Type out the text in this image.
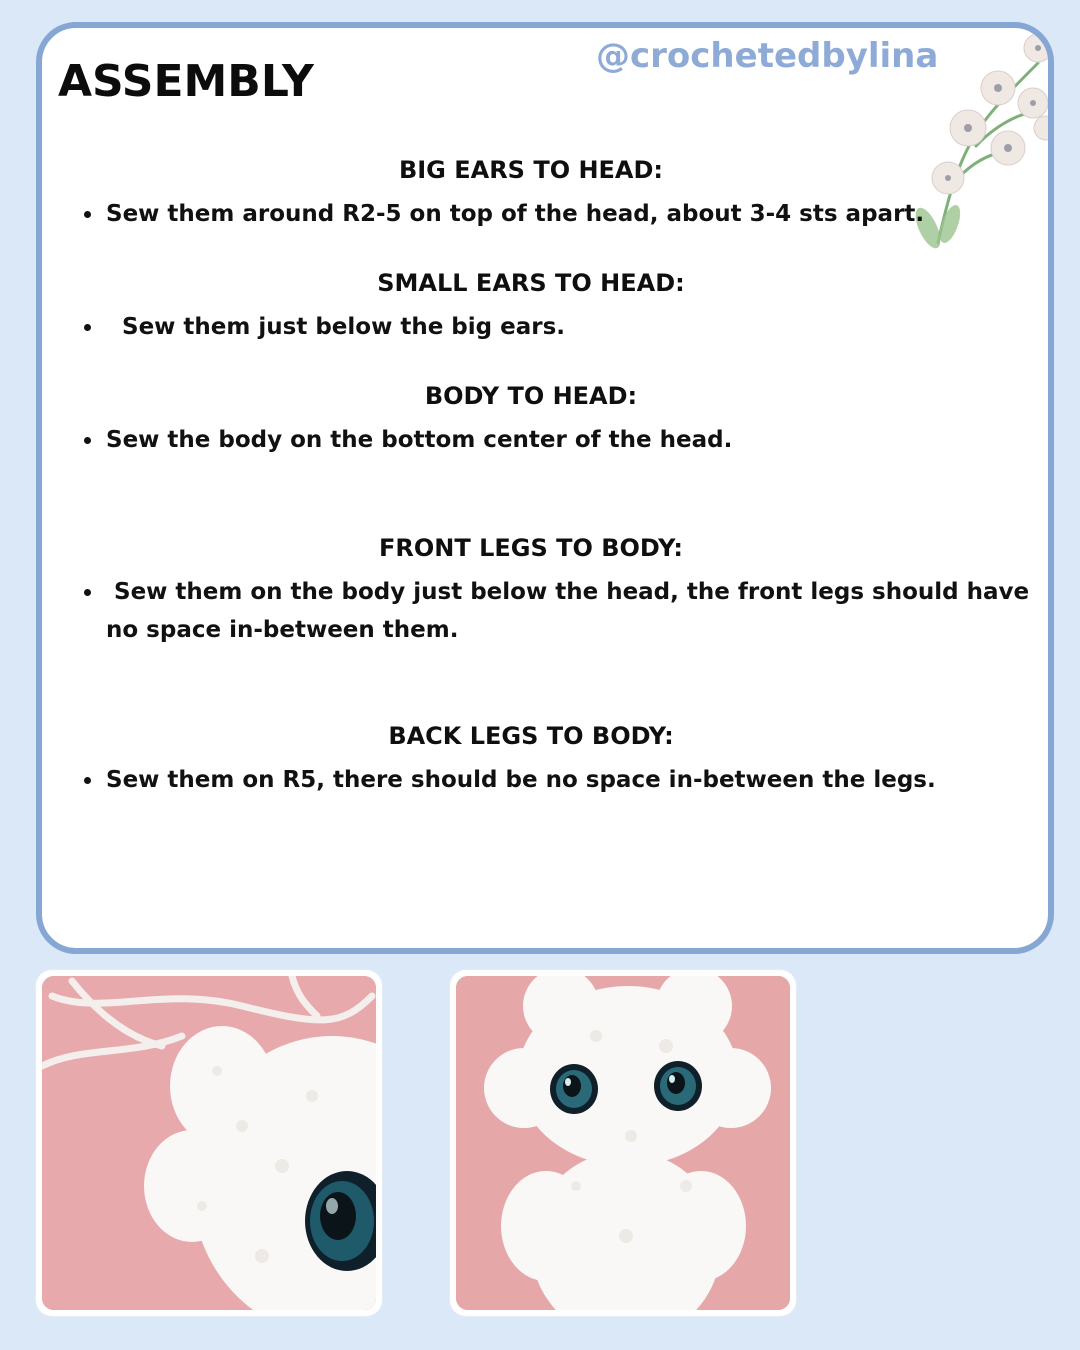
ASSEMBLY	@crochetedbylina
BIG EARS TO HEAD:
Sew them around R2-5 on top of the head, about 3-4 sts apart.
SMALL EARS TO HEAD:
Sew them just below the big ears.
BODY TO HEAD:
Sew the body on the bottom center of the head.
FRONT LEGS TO BODY:
Sew them on the body just below the head, the front legs should have no space in-between them.
BACK LEGS TO BODY:
Sew them on R5, there should be no space in-between the legs.
